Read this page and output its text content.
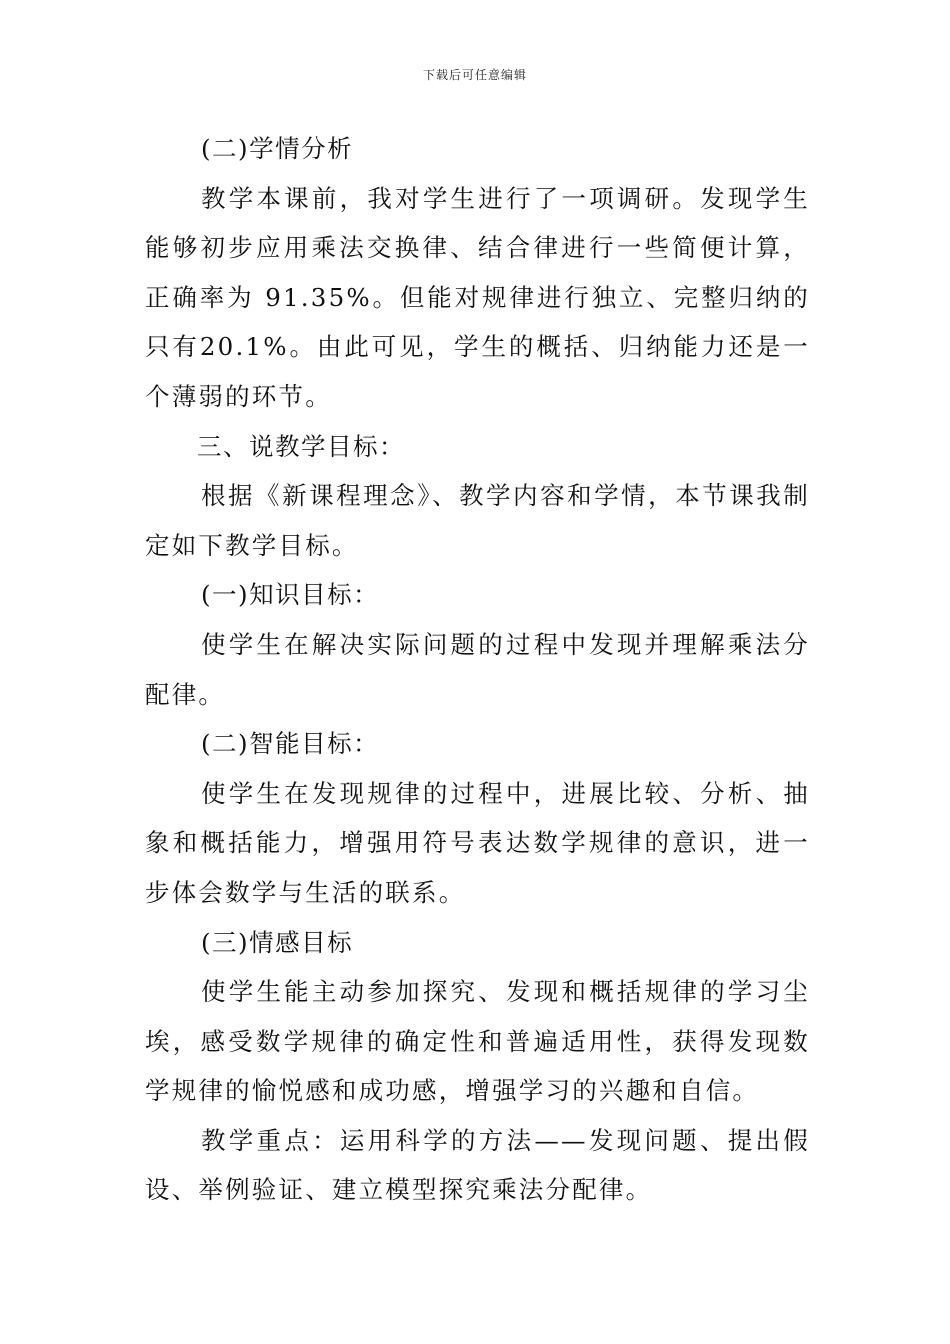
下载后可任意编辑

(二)学情分析

教学本课前，我对学生进行了一项调研。发现学生能够初步应用乘法交换律、结合律进行一些简便计算，正确率为 91.35%。但能对规律进行独立、完整归纳的只有20.1%。由此可见，学生的概括、归纳能力还是一个薄弱的环节。

三、说教学目标：

根据《新课程理念》、教学内容和学情，本节课我制定如下教学目标。

(一)知识目标：

使学生在解决实际问题的过程中发现并理解乘法分配律。

(二)智能目标：

使学生在发现规律的过程中，进展比较、分析、抽象和概括能力，增强用符号表达数学规律的意识，进一步体会数学与生活的联系。

(三)情感目标

使学生能主动参加探究、发现和概括规律的学习尘埃，感受数学规律的确定性和普遍适用性，获得发现数学规律的愉悦感和成功感，增强学习的兴趣和自信。

教学重点：运用科学的方法——发现问题、提出假设、举例验证、建立模型探究乘法分配律。
